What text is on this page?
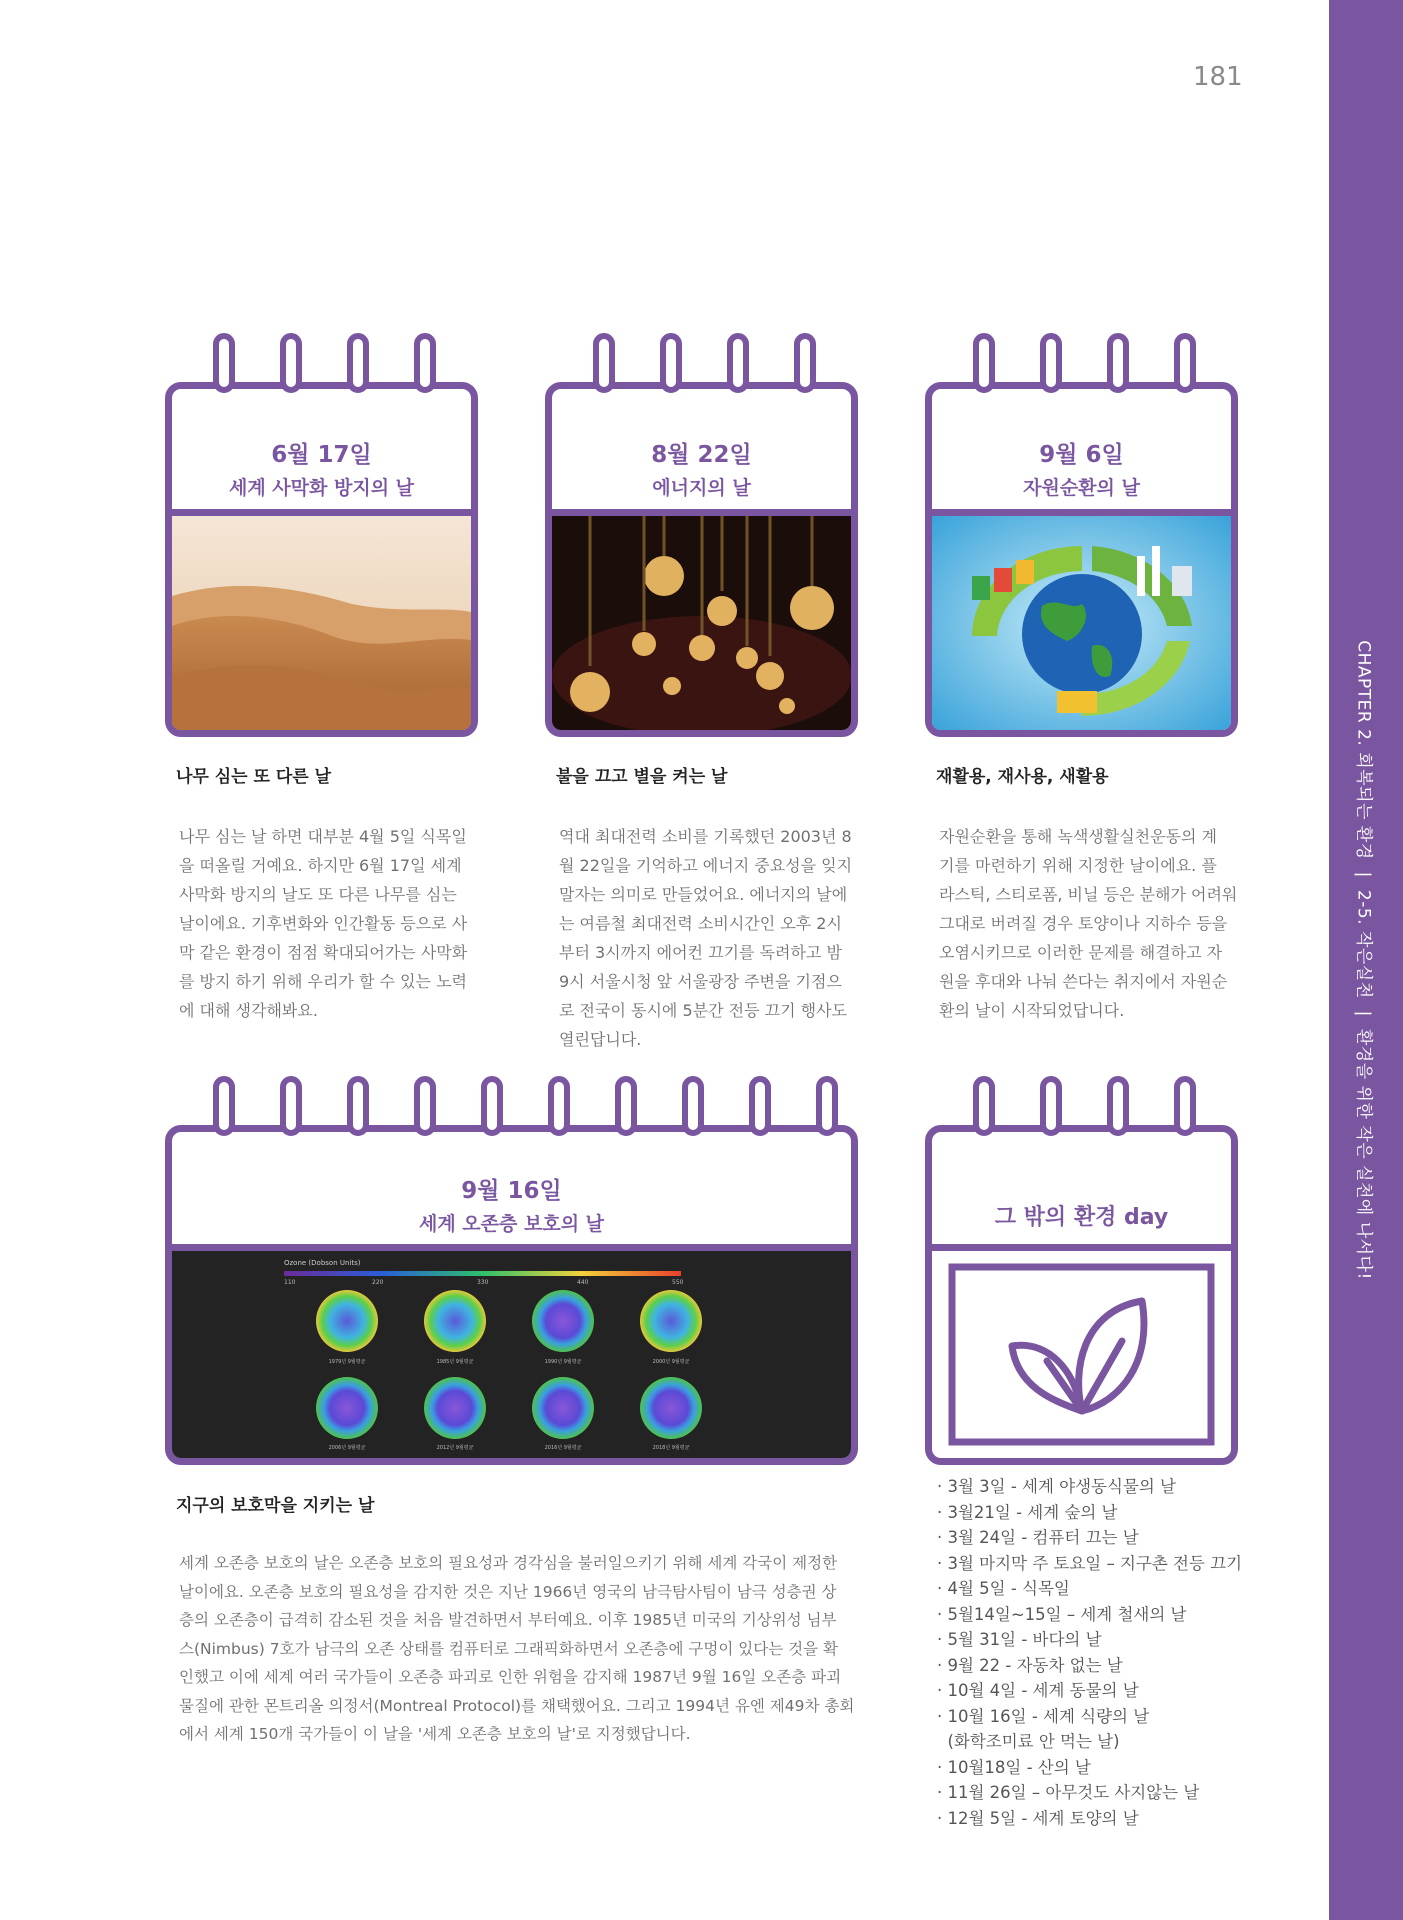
CHAPTER 2. 회복되는 환경|2-5. 작은실천|환경을 위한 작은 실천에 나서다!
181
6월 17일
세계 사막화 방지의 날
나무 심는 또 다른 날
나무 심는 날 하면 대부분 4월 5일 식목일
을 떠올릴 거예요. 하지만 6월 17일 세계
사막화 방지의 날도 또 다른 나무를 심는
날이에요. 기후변화와 인간활동 등으로 사
막 같은 환경이 점점 확대되어가는 사막화
를 방지 하기 위해 우리가 할 수 있는 노력
에 대해 생각해봐요.
8월 22일
에너지의 날
불을 끄고 별을 켜는 날
역대 최대전력 소비를 기록했던 2003년 8
월 22일을 기억하고 에너지 중요성을 잊지
말자는 의미로 만들었어요. 에너지의 날에
는 여름철 최대전력 소비시간인 오후 2시
부터 3시까지 에어컨 끄기를 독려하고 밤
9시 서울시청 앞 서울광장 주변을 기점으
로 전국이 동시에 5분간 전등 끄기 행사도
열린답니다.
9월 6일
자원순환의 날
재활용, 재사용, 새활용
자원순환을 통해 녹색생활실천운동의 계
기를 마련하기 위해 지정한 날이에요. 플
라스틱, 스티로폼, 비닐 등은 분해가 어려워
그대로 버려질 경우 토양이나 지하수 등을
오염시키므로 이러한 문제를 해결하고 자
원을 후대와 나눠 쓴다는 취지에서 자원순
환의 날이 시작되었답니다.
9월 16일
세계 오존층 보호의 날
Ozone (Dobson Units)
110	220	330	440	550
1979년 9월평균	1985년 9월평균	1990년 9월평균	2000년 9월평균
2006년 9월평균	2012년 9월평균	2016년 9월평균	2018년 9월평균
지구의 보호막을 지키는 날
세계 오존층 보호의 날은 오존층 보호의 필요성과 경각심을 불러일으키기 위해 세계 각국이 제정한
날이에요. 오존층 보호의 필요성을 감지한 것은 지난 1966년 영국의 남극탐사팀이 남극 성층권 상
층의 오존층이 급격히 감소된 것을 처음 발견하면서 부터예요. 이후 1985년 미국의 기상위성 님부
스(Nimbus) 7호가 남극의 오존 상태를 컴퓨터로 그래픽화하면서 오존층에 구멍이 있다는 것을 확
인했고 이에 세계 여러 국가들이 오존층 파괴로 인한 위험을 감지해 1987년 9월 16일 오존층 파괴
물질에 관한 몬트리올 의정서(Montreal Protocol)를 채택했어요. 그리고 1994년 유엔 제49차 총회
에서 세계 150개 국가들이 이 날을 '세계 오존층 보호의 날'로 지정했답니다.
그 밖의 환경 day
· 3월 3일 - 세계 야생동식물의 날
· 3월21일 - 세계 숲의 날
· 3월 24일 - 컴퓨터 끄는 날
· 3월 마지막 주 토요일 – 지구촌 전등 끄기
· 4월 5일 - 식목일
· 5월14일~15일 – 세계 철새의 날
· 5월 31일 - 바다의 날
· 9월 22 - 자동차 없는 날
· 10월 4일 - 세계 동물의 날
· 10월 16일 - 세계 식량의 날
(화학조미료 안 먹는 날)
· 10월18일 - 산의 날
· 11월 26일 – 아무것도 사지않는 날
· 12월 5일 - 세계 토양의 날
